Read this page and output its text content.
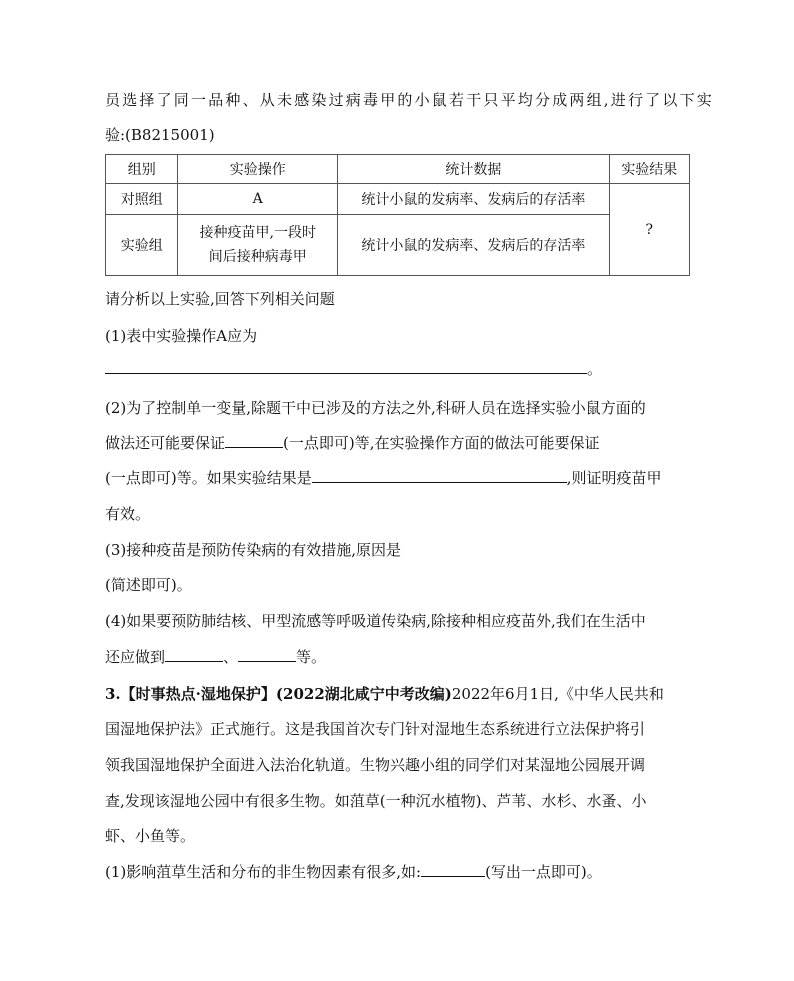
员选择了同一品种、从未感染过病毒甲的小鼠若干只平均分成两组,进行了以下实
验:(B8215001)
组别	实验操作	统计数据	实验结果
对照组	A	统计小鼠的发病率、发病后的存活率	?
实验组	接种疫苗甲,一段时
间后接种病毒甲	统计小鼠的发病率、发病后的存活率	
请分析以上实验,回答下列相关问题
(1)表中实验操作A应为
。
(2)为了控制单一变量,除题干中已涉及的方法之外,科研人员在选择实验小鼠方面的
做法还可能要保证	(一点即可)等,在实验操作方面的做法可能要保证
(一点即可)等。如果实验结果是	,则证明疫苗甲
有效。
(3)接种疫苗是预防传染病的有效措施,原因是
(简述即可)。
(4)如果要预防肺结核、甲型流感等呼吸道传染病,除接种相应疫苗外,我们在生活中
还应做到	、	等。
3.【时事热点·湿地保护】(2022湖北咸宁中考改编)2022年6月1日,《中华人民共和
国湿地保护法》正式施行。这是我国首次专门针对湿地生态系统进行立法保护将引
领我国湿地保护全面进入法治化轨道。生物兴趣小组的同学们对某湿地公园展开调
查,发现该湿地公园中有很多生物。如菹草(一种沉水植物)、芦苇、水杉、水蚤、小
虾、小鱼等。
(1)影响菹草生活和分布的非生物因素有很多,如:	(写出一点即可)。
